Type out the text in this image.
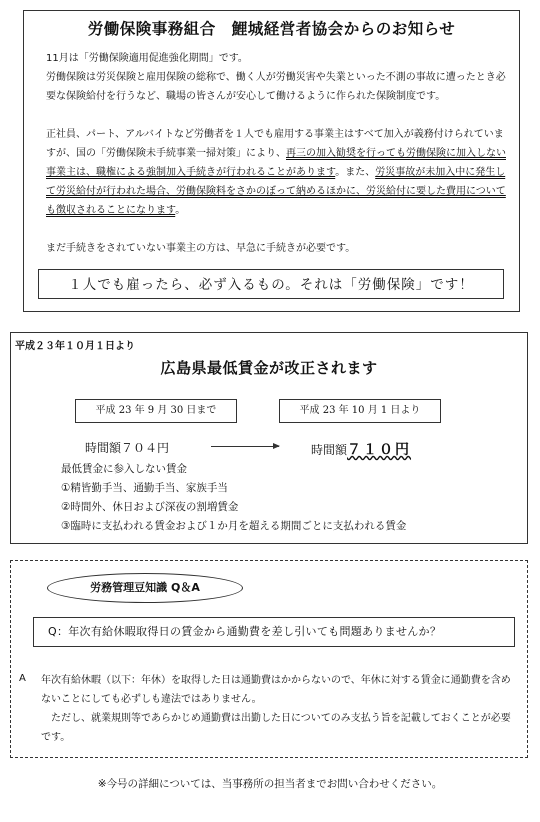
労働保険事務組合　鯉城経営者協会からのお知らせ

11月は「労働保険適用促進強化期間」です。

労働保険は労災保険と雇用保険の総称で、働く人が労働災害や失業といった不測の事故に遭ったとき必要な保険給付を行うなど、職場の皆さんが安心して働けるように作られた保険制度です。

正社員、パート、アルバイトなど労働者を１人でも雇用する事業主はすべて加入が義務付けられていますが、国の「労働保険未手続事業一掃対策」により、再三の加入勧奨を行っても労働保険に加入しない事業主は、職権による強制加入手続きが行われることがあります。また、労災事故が未加入中に発生して労災給付が行われた場合、労働保険料をさかのぼって納めるほかに、労災給付に要した費用についても徴収されることになります。

まだ手続きをされていない事業主の方は、早急に手続きが必要です。

１人でも雇ったら、必ず入るもの。それは「労働保険」です！
平成２３年１０月１日より
広島県最低賃金が改正されます
平成 23 年 9 月 30 日まで	平成 23 年 10 月 1 日より
時間額７０４円	時間額７１０円
最低賃金に参入しない賃金
①精皆勤手当、通勤手当、家族手当
②時間外、休日および深夜の割増賃金
③臨時に支払われる賃金および１か月を超える期間ごとに支払われる賃金
労務管理豆知識 Q＆A
Q：年次有給休暇取得日の賃金から通勤費を差し引いても問題ありませんか？
A 年次有給休暇（以下：年休）を取得した日は通勤費はかからないので、年休に対する賃金に通勤費を含めないことにしても必ずしも違法ではありません。
　ただし、就業規則等であらかじめ通勤費は出勤した日についてのみ支払う旨を記載しておくことが必要です。
※今号の詳細については、当事務所の担当者までお問い合わせください。
